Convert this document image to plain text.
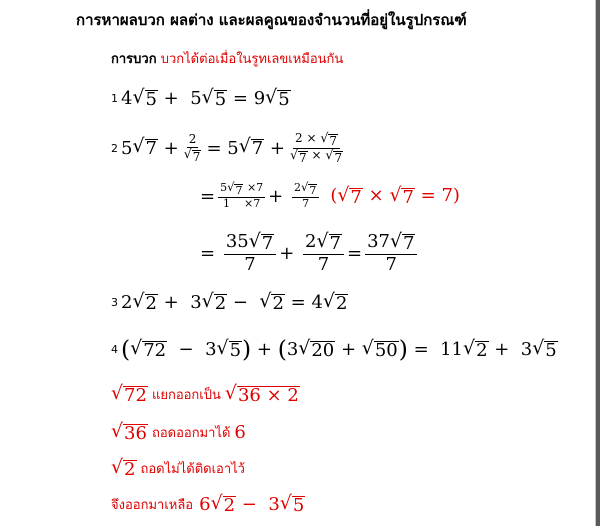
การหาผลบวก ผลต่าง และผลคูณของจำนวนที่อยู่ในรูปกรณฑ์
การบวก บวกได้ต่อเมื่อในรูทเลขเหมือนกัน
1 4 √ 5 + 5 √ 5 = 9 √ 5
2 5 √ $7 + \frac{2}{√ 7} = 5$ √ $7 + \frac{2 \times √ 7}{√ 7 \times √ 7}$
= $\frac{5 √ 7 \times 7}{1 \times 7} + \frac{2 √ 7}{7}$ ( √ 7 × √ 7 = 7)
= $\frac{35 √ 7}{7} + \frac{2 √ 7}{7} = \frac{37 √ 7}{7}$
3 2 √ 2 + 3 √ 2 − √ 2 = 4 √ 2
4 ( √ 72 − 3 √ 5 ) + ( 3 √ 20 + √ 50 ) = 11 √ 2 + 3 √ 5
√ 72 แยกออกเป็น √ 36 × 2
√ 36 ถอดออกมาได้ 6
√ 2 ถอดไม่ได้ติดเอาไว้
จึงออกมาเหลือ 6 √ 2 − 3 √ 5
